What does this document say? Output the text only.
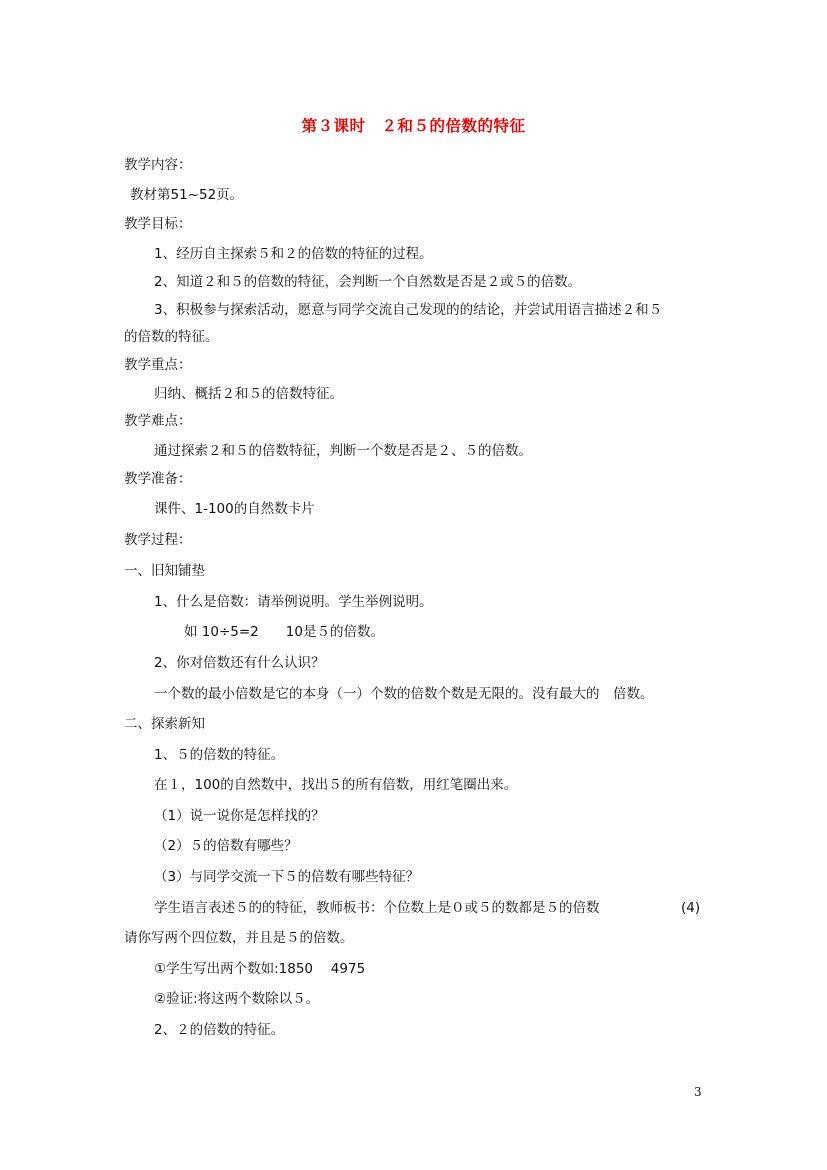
第３课时　２和５的倍数的特征
教学内容：
教材第51~52页。
教学目标：
1、经历自主探索５和２的倍数的特征的过程。
2、知道２和５的倍数的特征，会判断一个自然数是否是２或５的倍数。
3、积极参与探索活动，愿意与同学交流自己发现的的结论，并尝试用语言描述２和５
的倍数的特征。
教学重点：
归纳、概括２和５的倍数特征。
教学难点：
通过探索２和５的倍数特征，判断一个数是否是２、５的倍数。
教学准备：
课件、1-100的自然数卡片
教学过程：
一、旧知铺垫
1、什么是倍数：请举例说明。学生举例说明。
如 10÷5=2　　10是５的倍数。
2、你对倍数还有什么认识？
一个数的最小倍数是它的本身（一）个数的倍数个数是无限的。没有最大的　倍数。
二、探索新知
1、５的倍数的特征。
在１，100的自然数中，找出５的所有倍数，用红笔圈出来。
（1）说一说你是怎样找的？
（2）５的倍数有哪些？
（3）与同学交流一下５的倍数有哪些特征？
学生语言表述５的的特征，教师板书：个位数上是０或５的数都是５的倍数	(4)
请你写两个四位数，并且是５的倍数。
①学生写出两个数如:1850　 4975
②验证:将这两个数除以５。
2、２的倍数的特征。
3
